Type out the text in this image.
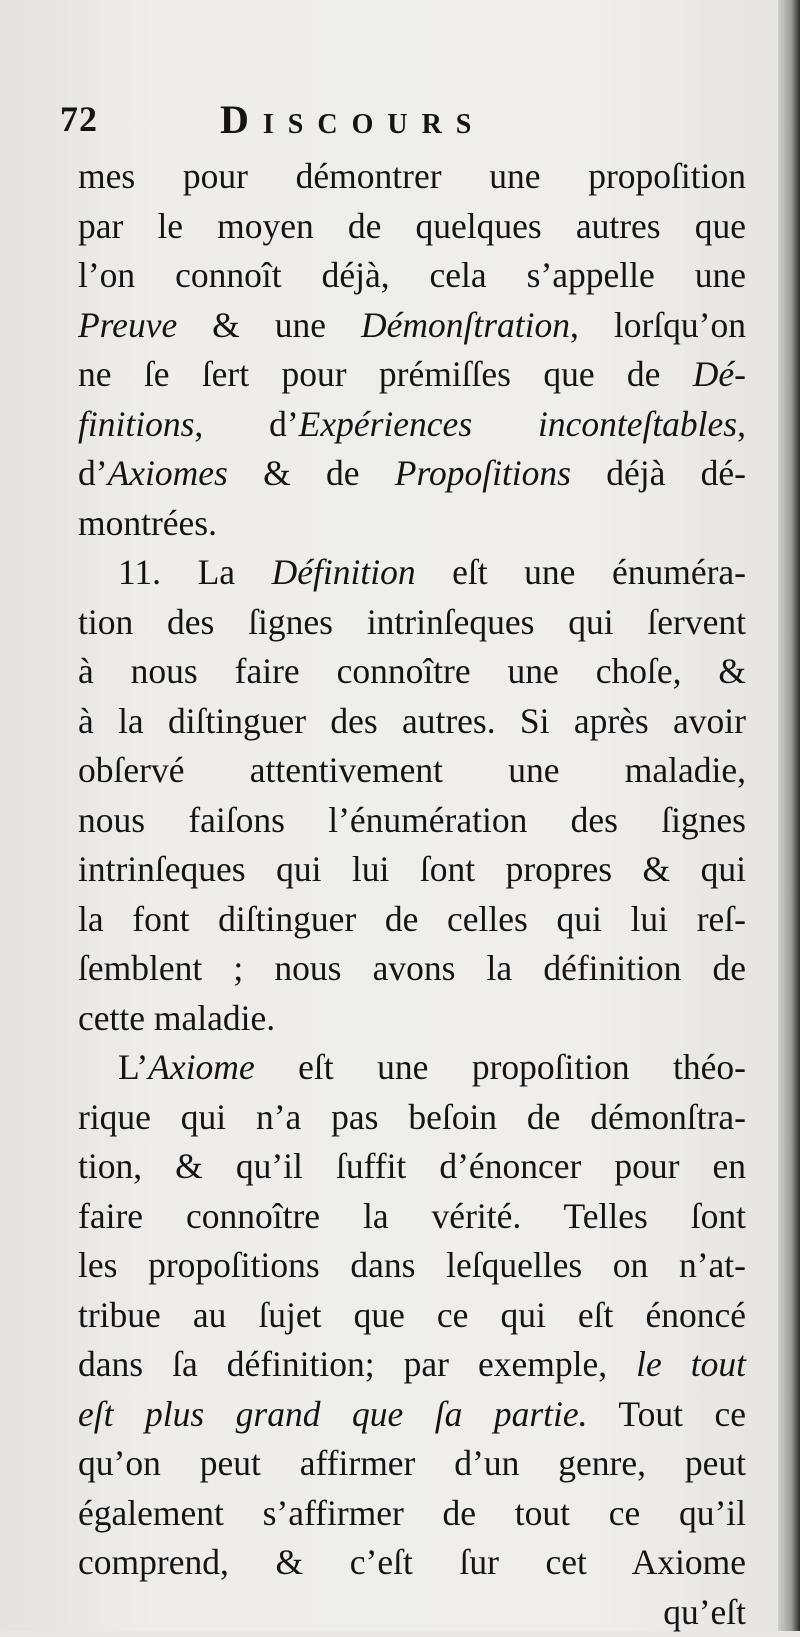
72	Discours
mes pour démontrer une propoſition
par le moyen de quelques autres que
l’on connoît déjà, cela s’appelle une
Preuve & une Démonſtration, lorſqu’on
ne ſe ſert pour prémiſſes que de Dé-
finitions, d’Expériences inconteſtables,
d’Axiomes & de Propoſitions déjà dé-
montrées.
11. La Définition eſt une énuméra-
tion des ſignes intrinſeques qui ſervent
à nous faire connoître une choſe, &
à la diſtinguer des autres. Si après avoir
obſervé attentivement une maladie,
nous faiſons l’énumération des ſignes
intrinſeques qui lui ſont propres & qui
la font diſtinguer de celles qui lui reſ-
ſemblent ; nous avons la définition de
cette maladie.
L’Axiome eſt une propoſition théo-
rique qui n’a pas beſoin de démonſtra-
tion, & qu’il ſuffit d’énoncer pour en
faire connoître la vérité. Telles ſont
les propoſitions dans leſquelles on n’at-
tribue au ſujet que ce qui eſt énoncé
dans ſa définition; par exemple, le tout
eſt plus grand que ſa partie. Tout ce
qu’on peut affirmer d’un genre, peut
également s’affirmer de tout ce qu’il
comprend, & c’eſt ſur cet Axiome
qu’eſt
